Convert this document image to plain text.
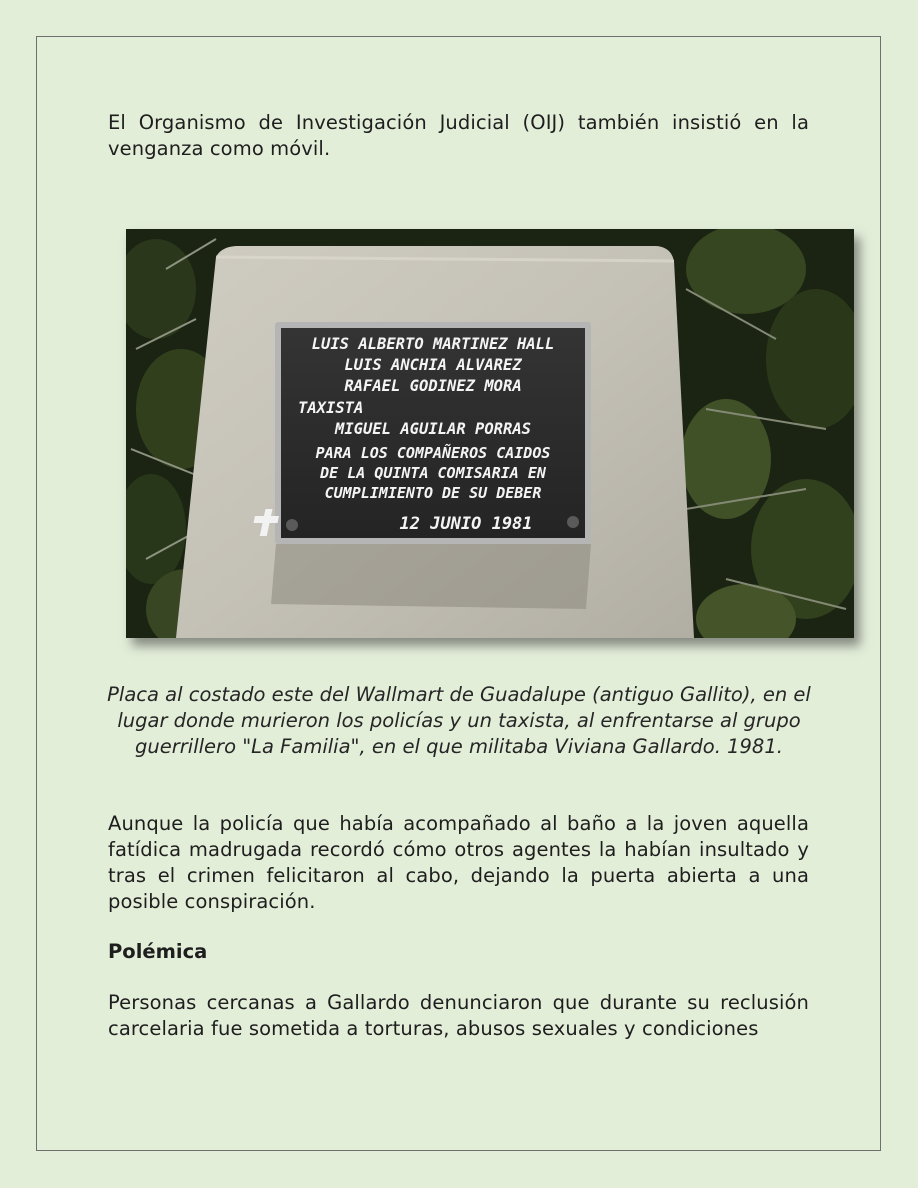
El Organismo de Investigación Judicial (OIJ) también insistió en la venganza como móvil.

LUIS ALBERTO MARTINEZ HALL
LUIS ANCHIA ALVAREZ
RAFAEL GODINEZ MORA
TAXISTA
MIGUEL AGUILAR PORRAS
PARA LOS COMPAÑEROS CAIDOS
DE LA QUINTA COMISARIA EN
CUMPLIMIENTO DE SU DEBER
12 JUNIO 1981

Placa al costado este del Wallmart de Guadalupe (antiguo Gallito), en el lugar donde murieron los policías y un taxista, al enfrentarse al grupo guerrillero "La Familia", en el que militaba Viviana Gallardo. 1981.

Aunque la policía que había acompañado al baño a la joven aquella fatídica madrugada recordó cómo otros agentes la habían insultado y tras el crimen felicitaron al cabo, dejando la puerta abierta a una posible conspiración.

Polémica

Personas cercanas a Gallardo denunciaron que durante su reclusión carcelaria fue sometida a torturas, abusos sexuales y condiciones
